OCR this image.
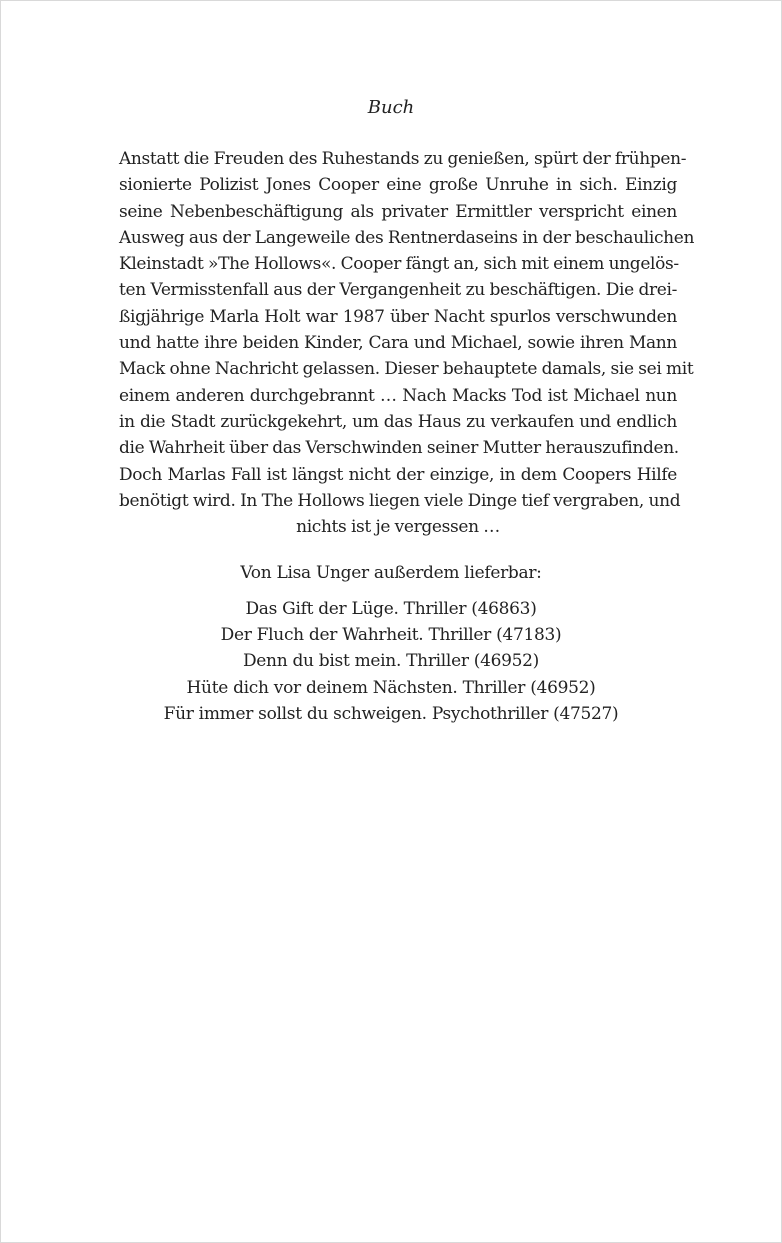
Buch
Anstatt die Freuden des Ruhestands zu genießen, spürt der frühpen-
sionierte Polizist Jones Cooper eine große Unruhe in sich. Einzig
seine Nebenbeschäftigung als privater Ermittler verspricht einen
Ausweg aus der Langeweile des Rentnerdaseins in der beschaulichen
Kleinstadt »The Hollows«. Cooper fängt an, sich mit einem ungelös-
ten Vermisstenfall aus der Vergangenheit zu beschäftigen. Die drei-
ßigjährige Marla Holt war 1987 über Nacht spurlos verschwunden
und hatte ihre beiden Kinder, Cara und Michael, sowie ihren Mann
Mack ohne Nachricht gelassen. Dieser behauptete damals, sie sei mit
einem anderen durchgebrannt … Nach Macks Tod ist Michael nun
in die Stadt zurückgekehrt, um das Haus zu verkaufen und endlich
die Wahrheit über das Verschwinden seiner Mutter herauszufinden.
Doch Marlas Fall ist längst nicht der einzige, in dem Coopers Hilfe
benötigt wird. In The Hollows liegen viele Dinge tief vergraben, und
nichts ist je vergessen …
Von Lisa Unger außerdem lieferbar:
Das Gift der Lüge. Thriller (46863)
Der Fluch der Wahrheit. Thriller (47183)
Denn du bist mein. Thriller (46952)
Hüte dich vor deinem Nächsten. Thriller (46952)
Für immer sollst du schweigen. Psychothriller (47527)
